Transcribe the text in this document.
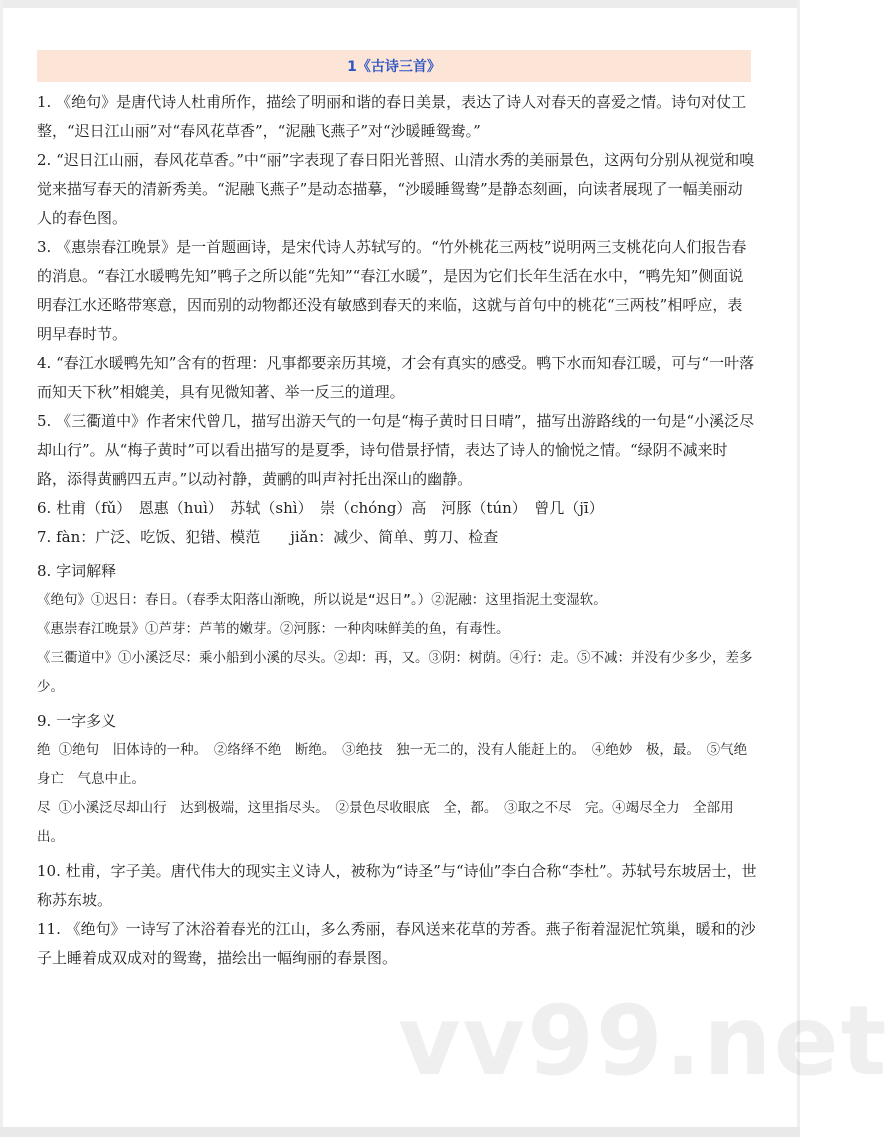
1《古诗三首》

1. 《绝句》是唐代诗人杜甫所作，描绘了明丽和谐的春日美景，表达了诗人对春天的喜爱之情。诗句对仗工整，“迟日江山丽”对“春风花草香”，“泥融飞燕子”对“沙暖睡鸳鸯。”

2. “迟日江山丽，春风花草香。”中“丽”字表现了春日阳光普照、山清水秀的美丽景色，这两句分别从视觉和嗅觉来描写春天的清新秀美。“泥融飞燕子”是动态描摹，“沙暖睡鸳鸯”是静态刻画，向读者展现了一幅美丽动人的春色图。

3. 《惠崇春江晚景》是一首题画诗，是宋代诗人苏轼写的。“竹外桃花三两枝”说明两三支桃花向人们报告春的消息。“春江水暖鸭先知”鸭子之所以能“先知”“春江水暖”，是因为它们长年生活在水中，“鸭先知”侧面说明春江水还略带寒意，因而别的动物都还没有敏感到春天的来临，这就与首句中的桃花“三两枝”相呼应，表明早春时节。

4. “春江水暖鸭先知”含有的哲理：凡事都要亲历其境，才会有真实的感受。鸭下水而知春江暖，可与“一叶落而知天下秋”相媲美，具有见微知著、举一反三的道理。

5. 《三衢道中》作者宋代曾几，描写出游天气的一句是“梅子黄时日日晴”，描写出游路线的一句是“小溪泛尽却山行”。从“梅子黄时”可以看出描写的是夏季，诗句借景抒情，表达了诗人的愉悦之情。“绿阴不减来时路，添得黄鹂四五声。”以动衬静，黄鹂的叫声衬托出深山的幽静。

6. 杜甫（fǔ）　恩惠（huì）　苏轼（shì）　崇（chóng）高　河豚（tún）　曾几（jī）

7. fàn：广泛、吃饭、犯错、模范　　jiǎn：减少、简单、剪刀、检查

8. 字词解释

《绝句》①迟日：春日。（春季太阳落山渐晚，所以说是“迟日”。）②泥融：这里指泥土变湿软。

《惠崇春江晚景》①芦芽：芦苇的嫩芽。②河豚：一种肉味鲜美的鱼，有毒性。

《三衢道中》①小溪泛尽：乘小船到小溪的尽头。②却：再，又。③阴：树荫。④行：走。⑤不减：并没有少多少，差多少。

9. 一字多义

绝 ①绝句　旧体诗的一种。　②络绎不绝　断绝。　③绝技　独一无二的，没有人能赶上的。　④绝妙　极，最。　⑤气绝身亡　气息中止。

尽 ①小溪泛尽却山行　达到极端，这里指尽头。　②景色尽收眼底　全，都。　③取之不尽　完。④竭尽全力　全部用出。

10. 杜甫，字子美。唐代伟大的现实主义诗人，被称为“诗圣”与“诗仙”李白合称“李杜”。苏轼号东坡居士，世称苏东坡。

11. 《绝句》一诗写了沐浴着春光的江山，多么秀丽，春风送来花草的芳香。燕子衔着湿泥忙筑巢，暖和的沙子上睡着成双成对的鸳鸯，描绘出一幅绚丽的春景图。

vv99.net
